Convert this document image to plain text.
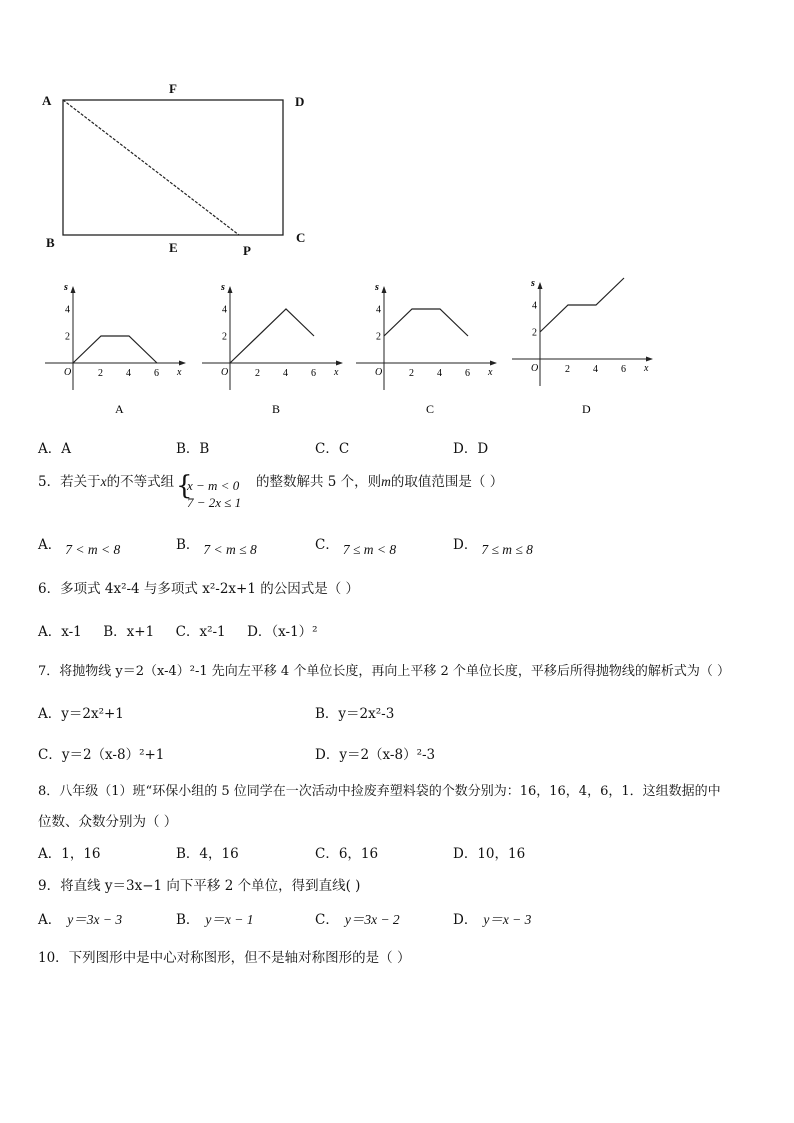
A
F
D
B	E	P
C
s
x
O
4
2
2 4 6
A
s
x
O
4
2
2 4 6
B
s
x
O
4
2
2 4 6
C
s
x
O
4
2
2 4 6
D
A．A	B．B	C．C	D．D
5．若关于x的不等式组 {
x − m < 0
7 − 2x ≤ 1
的整数解共 5 个，则m的取值范围是（ ）
A． 7 < m < 8	B． 7 < m ≤ 8	C． 7 ≤ m < 8	D． 7 ≤ m ≤ 8
6．多项式 4x²-4 与多项式 x²-2x+1 的公因式是（ ）
A．x-1     B．x+1     C．x²-1     D．（x-1）²
7．将抛物线 y＝2（x-4）²-1 先向左平移 4 个单位长度，再向上平移 2 个单位长度，平移后所得抛物线的解析式为（ ）
A．y＝2x²+1	B．y＝2x²-3
C．y＝2（x-8）²+1	D．y＝2（x-8）²-3
8．八年级（1）班“环保小组的 5 位同学在一次活动中捡废弃塑料袋的个数分别为：16，16，4，6，1．这组数据的中
位数、众数分别为（ ）
A．1，16	B．4，16	C．6，16	D．10，16
9．将直线 y＝3x−1 向下平移 2 个单位，得到直线( )
A． y＝3x − 3	B． y＝x − 1	C． y＝3x − 2	D． y＝x − 3
10．下列图形中是中心对称图形，但不是轴对称图形的是（ ）
